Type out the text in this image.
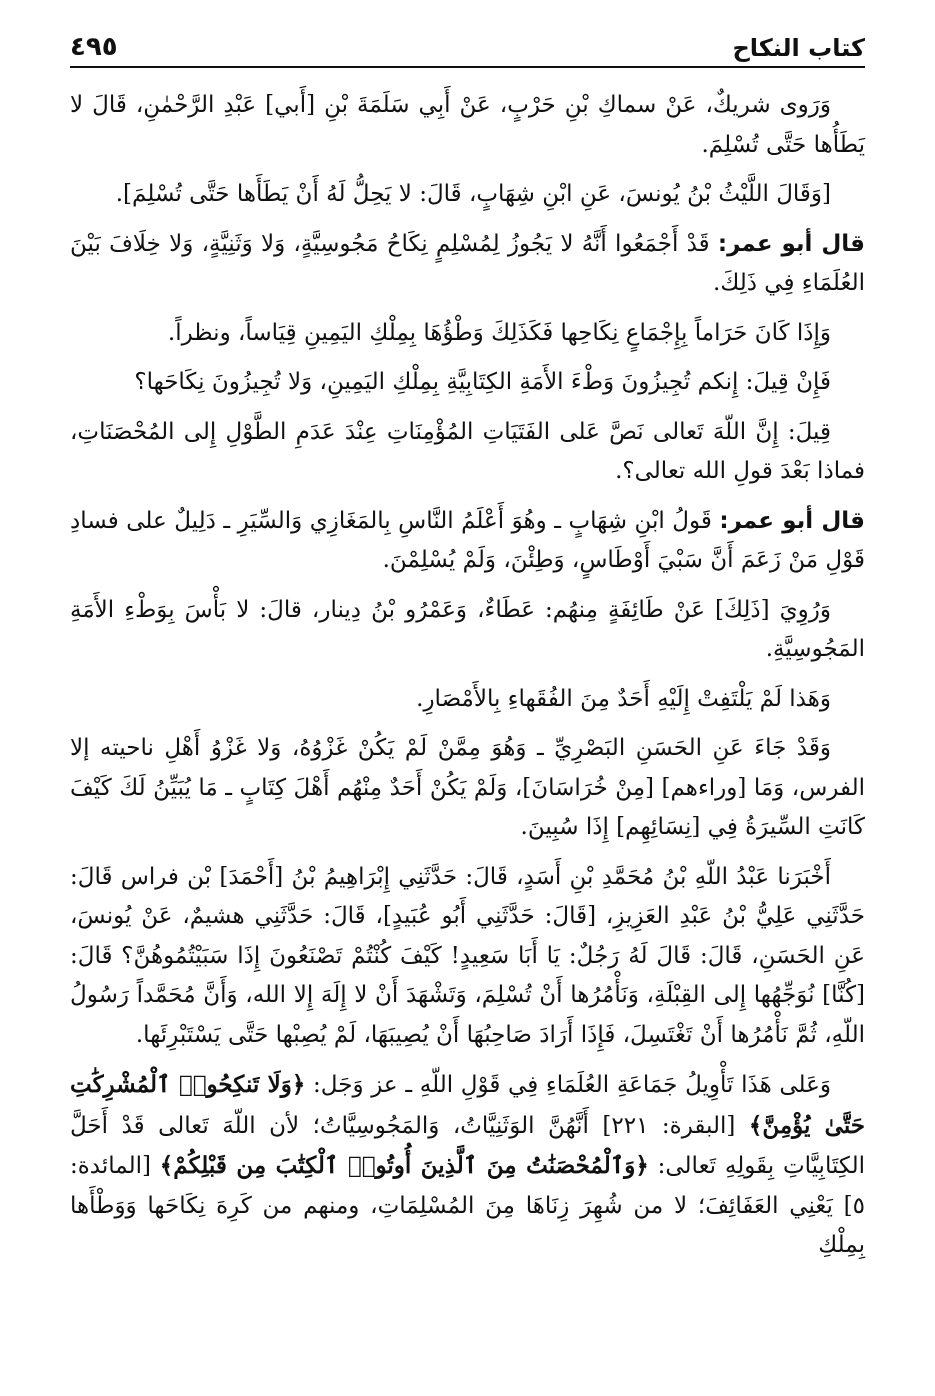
كتاب النكاح
٤٩٥

وَرَوى شريكٌ، عَنْ سماكِ بْنِ حَرْبٍ، عَنْ أَبِي سَلَمَةَ بْنِ [أَبي] عَبْدِ الرَّحْمٰنِ، قَالَ لا يَطَأُها حَتَّى تُسْلِمَ.

[وَقَالَ اللَّيْثُ بْنُ يُونسَ، عَنِ ابْنِ شِهَابٍ، قَالَ: لا يَحِلُّ لَهُ أَنْ يَطَأَها حَتَّى تُسْلِمَ].

قال أبو عمر: قَدْ أَجْمَعُوا أَنَّهُ لا يَجُوزُ لِمُسْلِمٍ نِكَاحُ مَجُوسِيَّةٍ، وَلا وَثَنِيَّةٍ، وَلا خِلَافَ بَيْنَ العُلَمَاءِ فِي ذَلِكَ.

وَإِذَا كَانَ حَرَاماً بِإِجْمَاعٍ نِكَاحِها فَكَذَلِكَ وَطْؤُهَا بِمِلْكِ اليَمِينِ قِيَاساً، ونظراً.

فَإِنْ قِيلَ: إِنكم تُجِيزُونَ وَطْءَ الأَمَةِ الكِتَابِيَّةِ بِمِلْكِ اليَمِينِ، وَلا تُجِيزُونَ نِكَاحَها؟

قِيلَ: إِنَّ اللّهَ تَعالى نَصَّ عَلى الفَتَيَاتِ المُؤْمِنَاتِ عِنْدَ عَدَمِ الطَّوْلِ إِلى المُحْصَنَاتِ، فماذا بَعْدَ قولِ الله تعالى؟.

قال أبو عمر: قَولُ ابْنِ شِهَابٍ ـ وهُوَ أَعْلَمُ النَّاسِ بِالمَغَازِي وَالسِّيَرِ ـ دَلِيلٌ على فسادِ قَوْلِ مَنْ زَعَمَ أَنَّ سَبْيَ أَوْطَاسٍ، وَطِئْنَ، وَلَمْ يُسْلِمْنَ.

وَرُوِيَ [ذَلِكَ] عَنْ طَائِفَةٍ مِنهُم: عَطَاءٌ، وَعَمْرُو بْنُ دِينار، قالَ: لا بَأْسَ بِوَطْءِ الأَمَةِ المَجُوسِيَّةِ.

وَهَذا لَمْ يَلْتَفِتْ إِلَيْهِ أَحَدٌ مِنَ الفُقَهاءِ بِالأَمْصَارِ.

وَقَدْ جَاءَ عَنِ الحَسَنِ البَصْرِيِّ ـ وَهُوَ مِمَّنْ لَمْ يَكُنْ غَزْوُهُ، وَلا غَزْوُ أَهْلِ ناحيته إلا الفرس، وَمَا [وراءهم] [مِنْ خُرَاسَانَ]، وَلَمْ يَكُنْ أَحَدٌ مِنْهُم أَهْلَ كِتَابٍ ـ مَا يُبَيِّنُ لَكَ كَيْفَ كَانَتِ السِّيرَةُ فِي [نِسَائِهِم] إِذَا سُبِينَ.

أَخْبَرَنا عَبْدُ اللّهِ بْنُ مُحَمَّدِ بْنِ أَسَدٍ، قَالَ: حَدَّثَنِي إِبْرَاهِيمُ بْنُ [أَحْمَدَ] بْن فراس قَالَ: حَدَّثَنِي عَلِيُّ بْنُ عَبْدِ العَزِيزِ، [قَالَ: حَدَّثَنِي أَبُو عُبَيدٍ]، قَالَ: حَدَّثَنِي هشيمٌ، عَنْ يُونسَ، عَنِ الحَسَنِ، قَالَ: قَالَ لَهُ رَجُلٌ: يَا أَبَا سَعِيدٍ! كَيْفَ كُنْتُمْ تَصْنَعُونَ إِذَا سَبَيْتُمُوهُنَّ؟ قَالَ: [كُنَّا] نُوَجِّهُها إِلى القِبْلَةِ، وَنَأْمُرُها أَنْ تُسْلِمَ، وَتَشْهَدَ أَنْ لا إِلَهَ إِلا الله، وَأَنَّ مُحَمَّداً رَسُولُ اللّهِ، ثُمَّ نَأْمُرُها أَنْ تَغْتَسِلَ، فَإِذَا أَرَادَ صَاحِبُهَا أَنْ يُصِيبَهَا، لَمْ يُصِبْها حَتَّى يَسْتَبْرِئَها.

وَعَلى هَذَا تَأْوِيلُ جَمَاعَةِ العُلَمَاءِ فِي قَوْلِ اللّهِ ـ عز وَجَل: ﴿وَلَا تَنكِحُوا۟ ٱلْمُشْرِكَٰتِ حَتَّىٰ يُؤْمِنَّ﴾ [البقرة: ٢٢١] أَنَّهُنَّ الوَثَنِيَّاتُ، وَالمَجُوسِيَّاتُ؛ لأن اللّهَ تَعالى قَدْ أَحَلَّ الكِتَابِيَّاتِ بِقَولِهِ تَعالى: ﴿وَٱلْمُحْصَنَٰتُ مِنَ ٱلَّذِينَ أُوتُوا۟ ٱلْكِتَٰبَ مِن قَبْلِكُمْ﴾ [المائدة: ٥] يَعْنِي العَفَائِفَ؛ لا من شُهِرَ زِنَاهَا مِنَ المُسْلِمَاتِ، ومنهم من كَرِهَ نِكَاحَها وَوَطْأَها بِمِلْكِ
